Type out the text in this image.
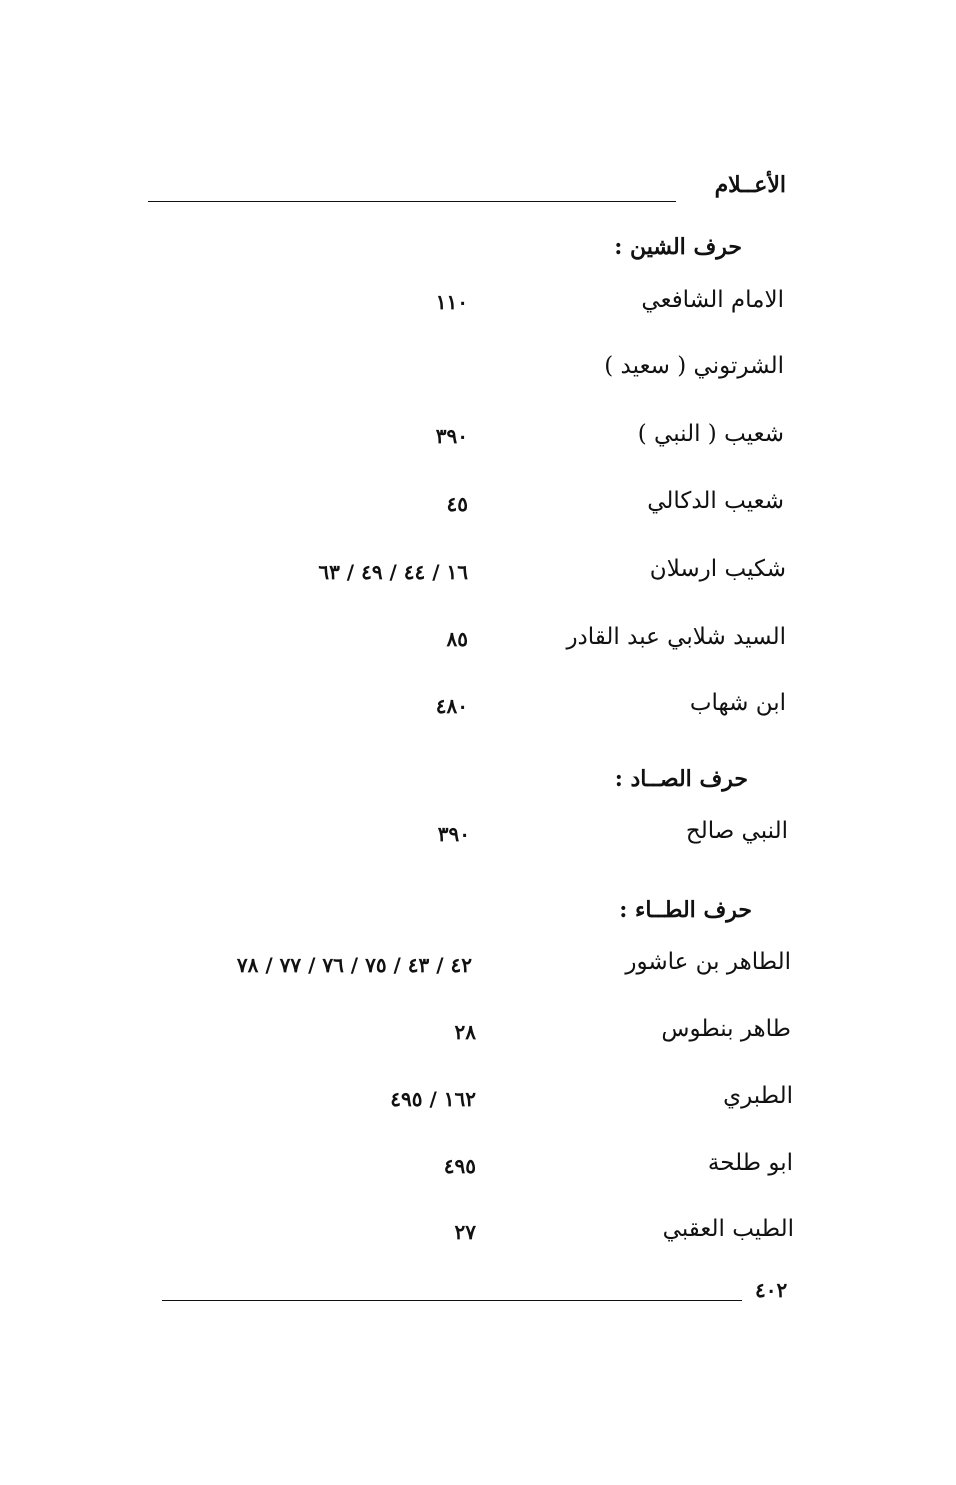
الأعــلام
حرف الشين :
الامام الشافعي
١١٠
الشرتوني ( سعيد )
شعيب ( النبي )
٣٩٠
شعيب الدكالي
٤٥
شكيب ارسلان
١٦ / ٤٤ / ٤٩ / ٦٣
السيد شلابي عبد القادر
٨٥
ابن شهاب
٤٨٠
حرف الصــاد :
النبي صالح
٣٩٠
حرف الطــاء :
الطاهر بن عاشور
٤٢ / ٤٣ / ٧٥ / ٧٦ / ٧٧ / ٧٨
طاهر بنطوس
٢٨
الطبري
١٦٢ / ٤٩٥
ابو طلحة
٤٩٥
الطيب العقبي
٢٧
٤٠٢
